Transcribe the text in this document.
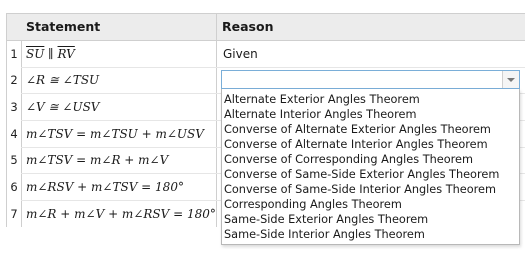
Statement	Reason
1 $\overline{SU}$ ∥ $\overline{RV}$	Given
2 ∠R ≅ ∠TSU
3 ∠V ≅ ∠USV
4 m∠TSV = m∠TSU + m∠USV
5 m∠TSV = m∠R + m∠V
6 m∠RSV + m∠TSV = 180°
7 m∠R + m∠V + m∠RSV = 180°
Alternate Exterior Angles Theorem
Alternate Interior Angles Theorem
Converse of Alternate Exterior Angles Theorem
Converse of Alternate Interior Angles Theorem
Converse of Corresponding Angles Theorem
Converse of Same-Side Exterior Angles Theorem
Converse of Same-Side Interior Angles Theorem
Corresponding Angles Theorem
Same-Side Exterior Angles Theorem
Same-Side Interior Angles Theorem
